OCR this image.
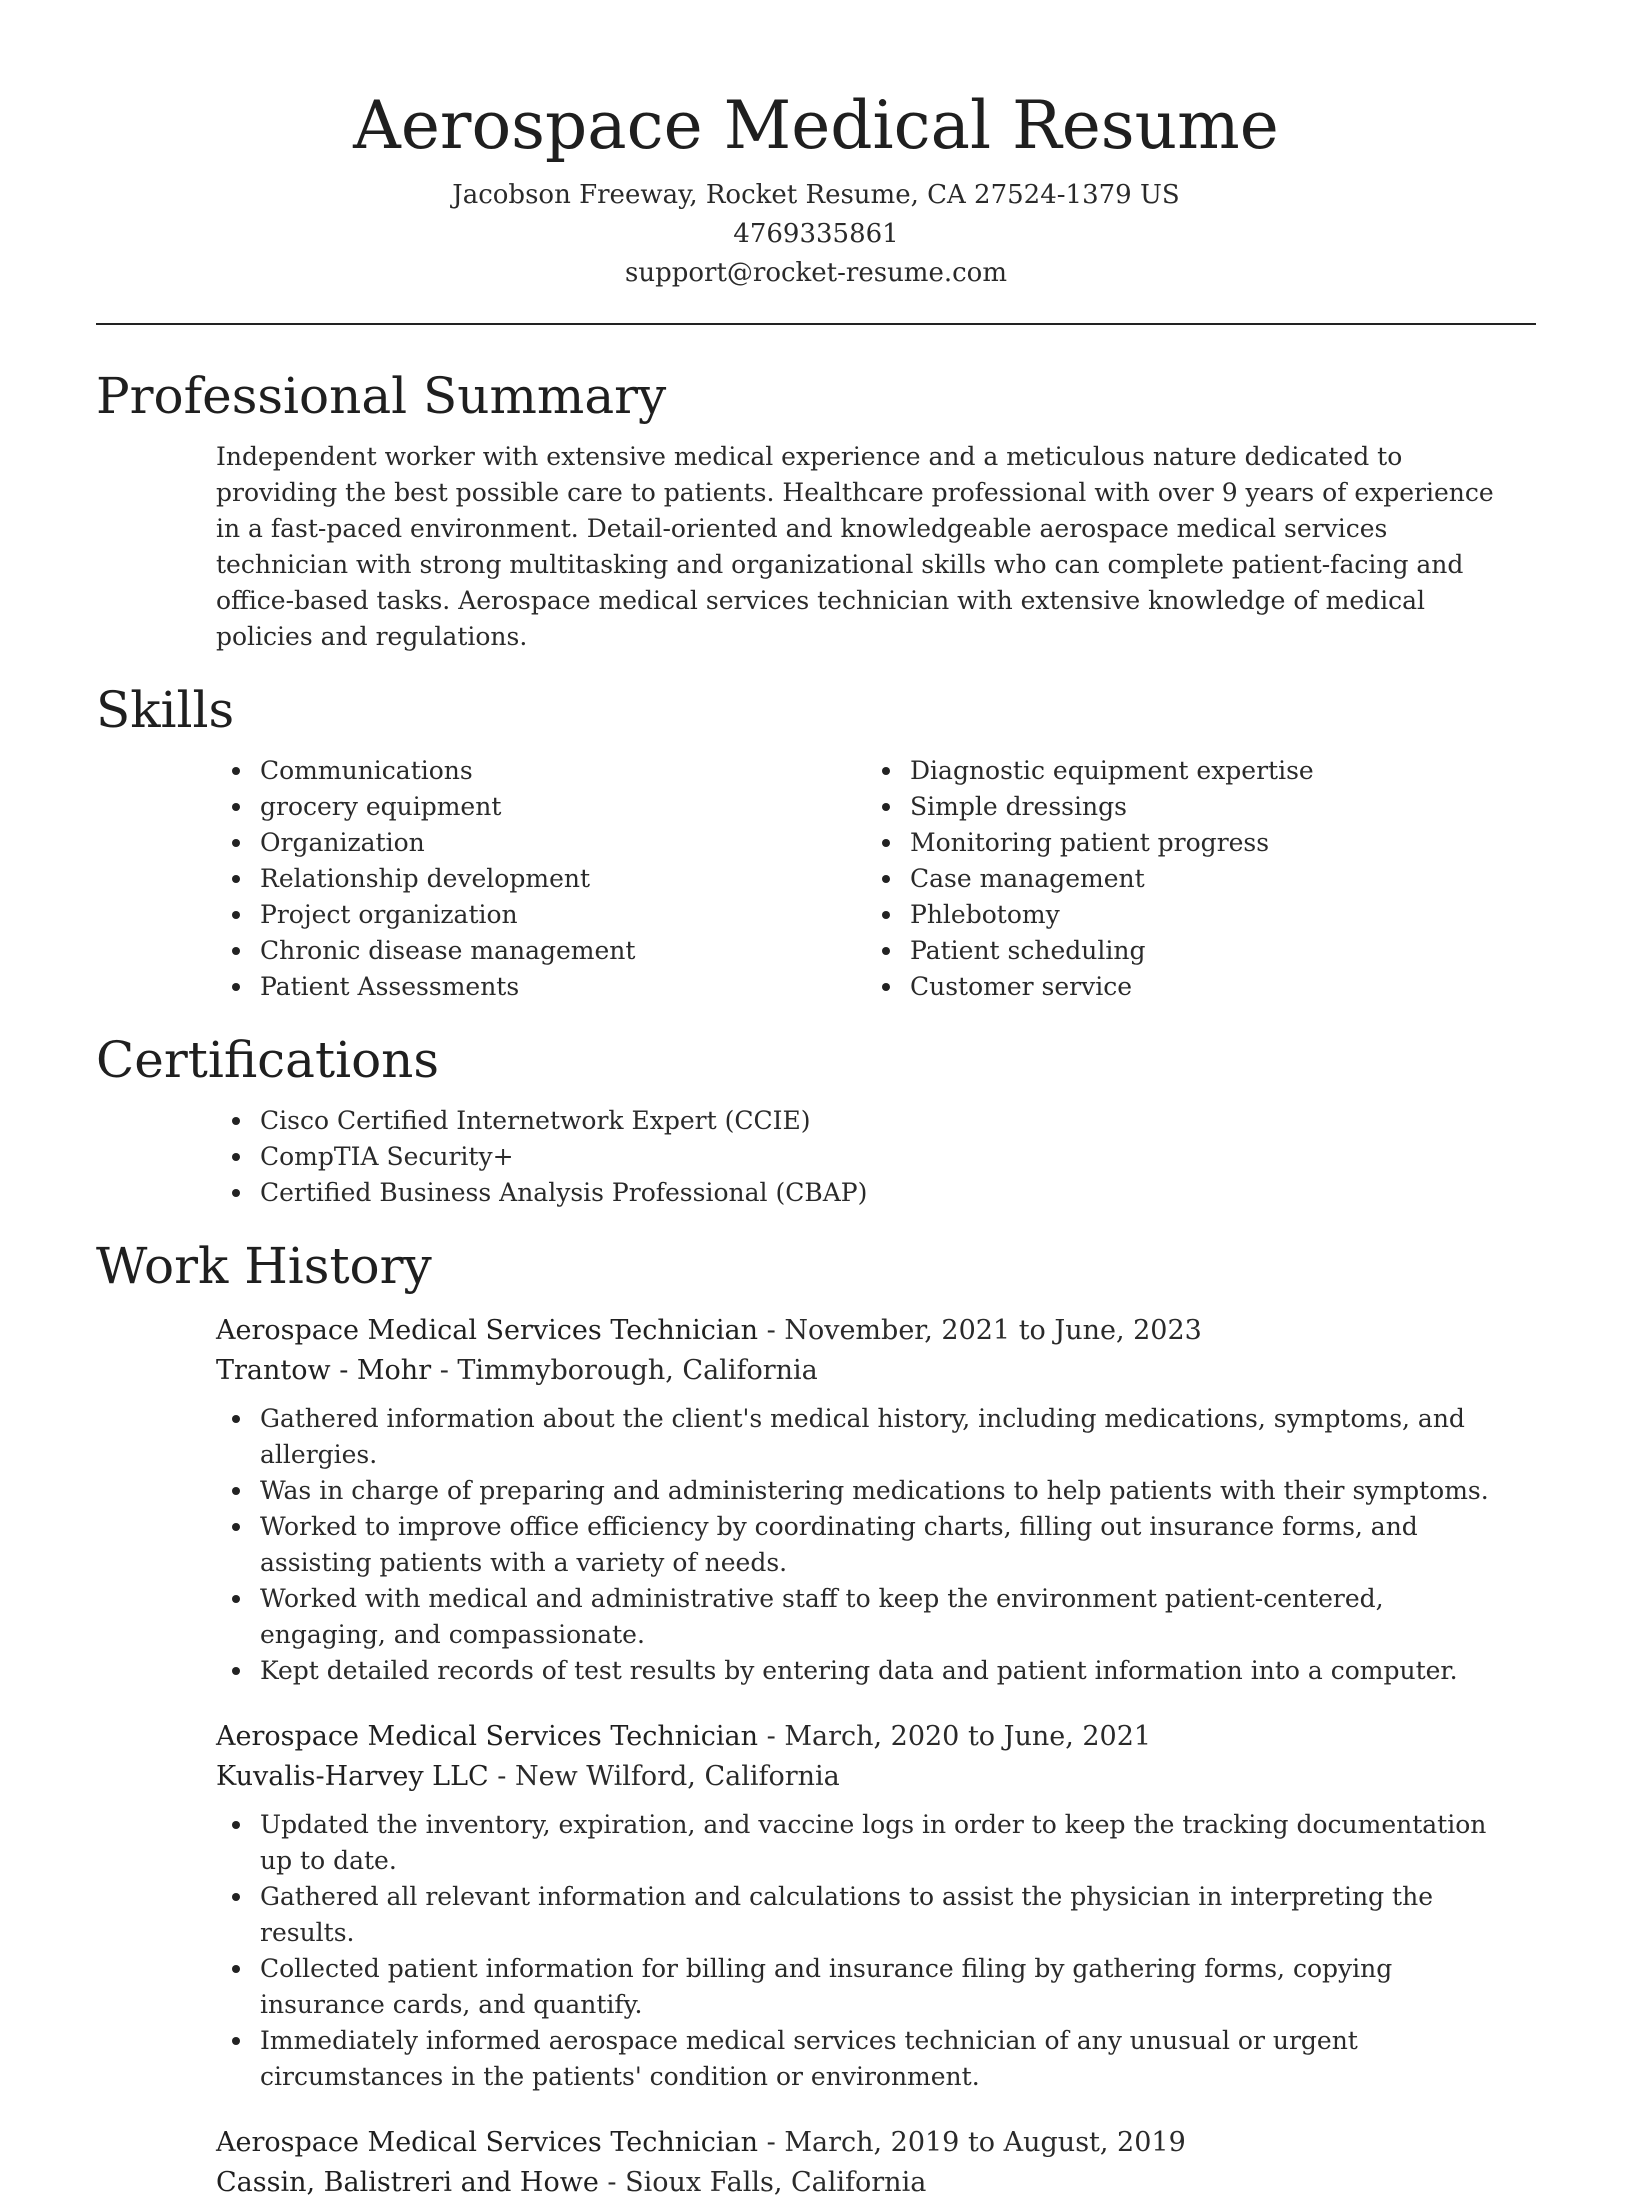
Aerospace Medical Resume
Jacobson Freeway, Rocket Resume, CA 27524-1379 US
4769335861
support@rocket-resume.com
Professional Summary
Independent worker with extensive medical experience and a meticulous nature dedicated to providing the best possible care to patients. Healthcare professional with over 9 years of experience in a fast-paced environment. Detail-oriented and knowledgeable aerospace medical services technician with strong multitasking and organizational skills who can complete patient-facing and office-based tasks. Aerospace medical services technician with extensive knowledge of medical policies and regulations.
Skills
Communications
grocery equipment
Organization
Relationship development
Project organization
Chronic disease management
Patient Assessments
Diagnostic equipment expertise
Simple dressings
Monitoring patient progress
Case management
Phlebotomy
Patient scheduling
Customer service
Certifications
Cisco Certified Internetwork Expert (CCIE)
CompTIA Security+
Certified Business Analysis Professional (CBAP)
Work History
Aerospace Medical Services Technician - November, 2021 to June, 2023
Trantow - Mohr - Timmyborough, California
Gathered information about the client's medical history, including medications, symptoms, and allergies.
Was in charge of preparing and administering medications to help patients with their symptoms.
Worked to improve office efficiency by coordinating charts, filling out insurance forms, and assisting patients with a variety of needs.
Worked with medical and administrative staff to keep the environment patient-centered, engaging, and compassionate.
Kept detailed records of test results by entering data and patient information into a computer.
Aerospace Medical Services Technician - March, 2020 to June, 2021
Kuvalis-Harvey LLC - New Wilford, California
Updated the inventory, expiration, and vaccine logs in order to keep the tracking documentation up to date.
Gathered all relevant information and calculations to assist the physician in interpreting the results.
Collected patient information for billing and insurance filing by gathering forms, copying insurance cards, and quantify.
Immediately informed aerospace medical services technician of any unusual or urgent circumstances in the patients' condition or environment.
Aerospace Medical Services Technician - March, 2019 to August, 2019
Cassin, Balistreri and Howe - Sioux Falls, California
